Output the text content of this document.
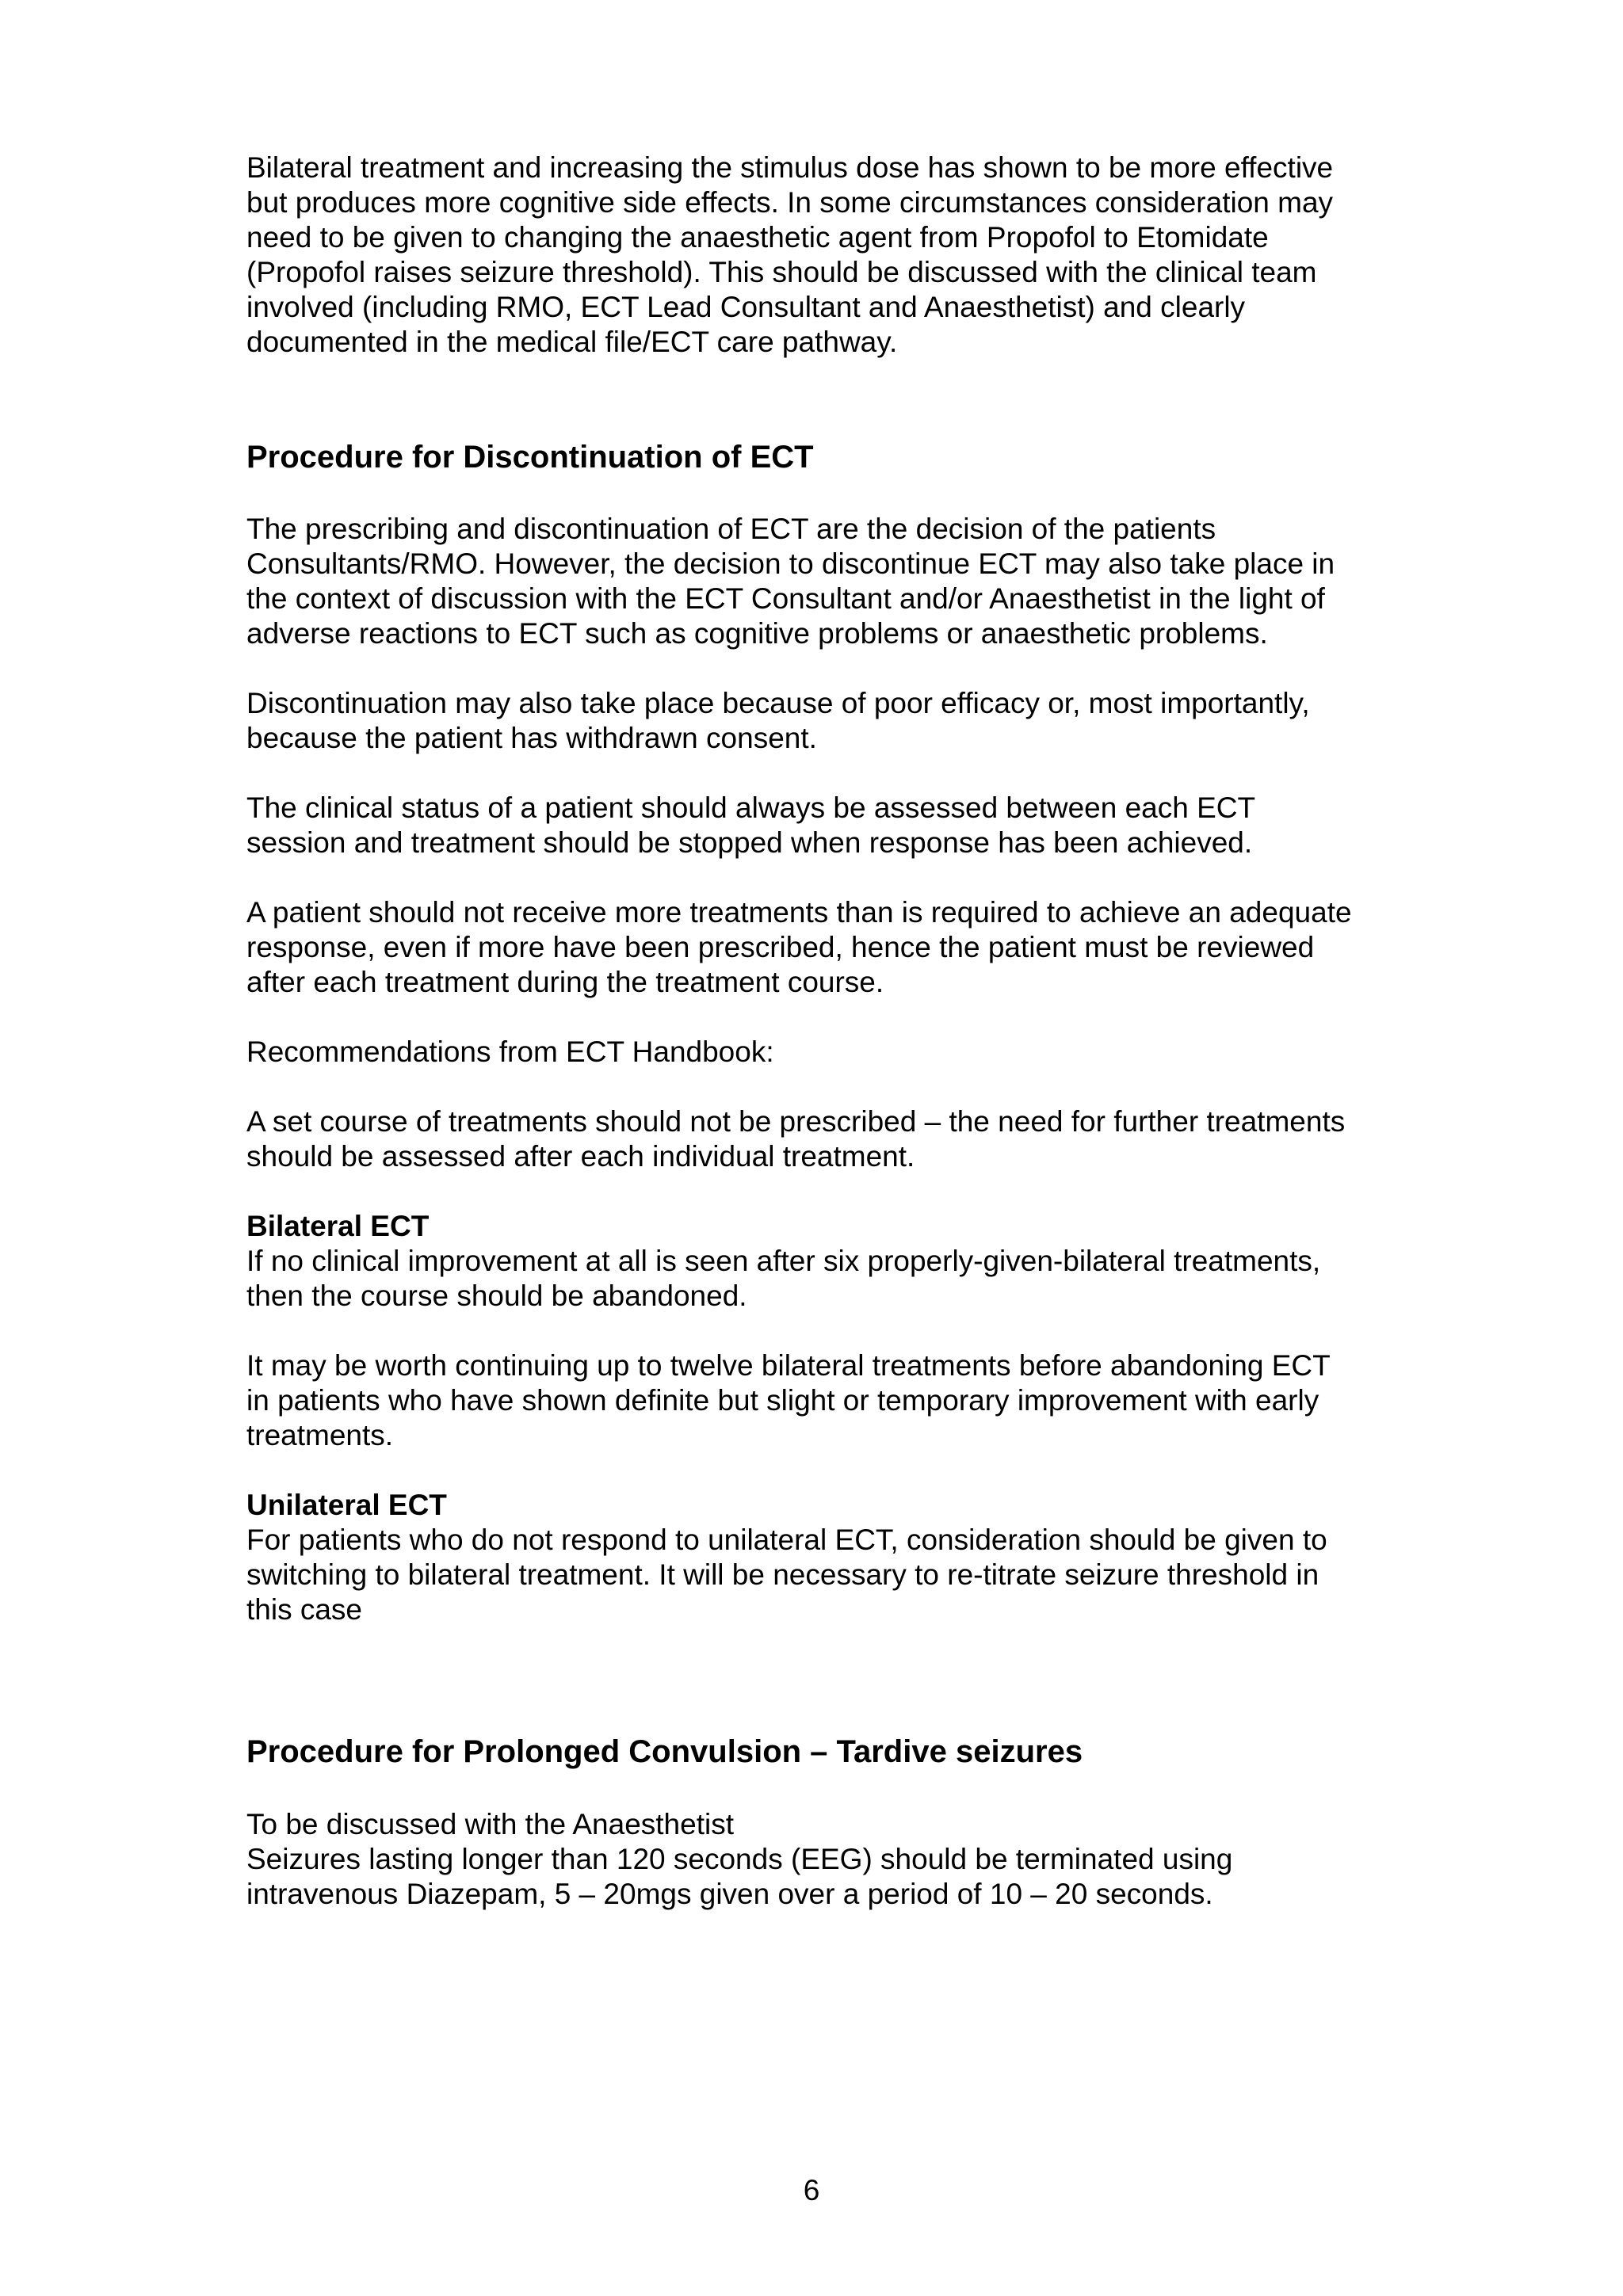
Bilateral treatment and increasing the stimulus dose has shown to be more effective
but produces more cognitive side effects. In some circumstances consideration may
need to be given to changing the anaesthetic agent from Propofol to Etomidate
(Propofol raises seizure threshold). This should be discussed with the clinical team
involved (including RMO, ECT Lead Consultant and Anaesthetist) and clearly
documented in the medical file/ECT care pathway.

Procedure for Discontinuation of ECT

The prescribing and discontinuation of ECT are the decision of the patients
Consultants/RMO. However, the decision to discontinue ECT may also take place in
the context of discussion with the ECT Consultant and/or Anaesthetist in the light of
adverse reactions to ECT such as cognitive problems or anaesthetic problems.

Discontinuation may also take place because of poor efficacy or, most importantly,
because the patient has withdrawn consent.

The clinical status of a patient should always be assessed between each ECT
session and treatment should be stopped when response has been achieved.

A patient should not receive more treatments than is required to achieve an adequate
response, even if more have been prescribed, hence the patient must be reviewed
after each treatment during the treatment course.

Recommendations from ECT Handbook:

A set course of treatments should not be prescribed – the need for further treatments
should be assessed after each individual treatment.

Bilateral ECT

If no clinical improvement at all is seen after six properly-given-bilateral treatments,
then the course should be abandoned.

It may be worth continuing up to twelve bilateral treatments before abandoning ECT
in patients who have shown definite but slight or temporary improvement with early
treatments.

Unilateral ECT

For patients who do not respond to unilateral ECT, consideration should be given to
switching to bilateral treatment. It will be necessary to re-titrate seizure threshold in
this case

Procedure for Prolonged Convulsion – Tardive seizures

To be discussed with the Anaesthetist

Seizures lasting longer than 120 seconds (EEG) should be terminated using
intravenous Diazepam, 5 – 20mgs given over a period of 10 – 20 seconds.

6
